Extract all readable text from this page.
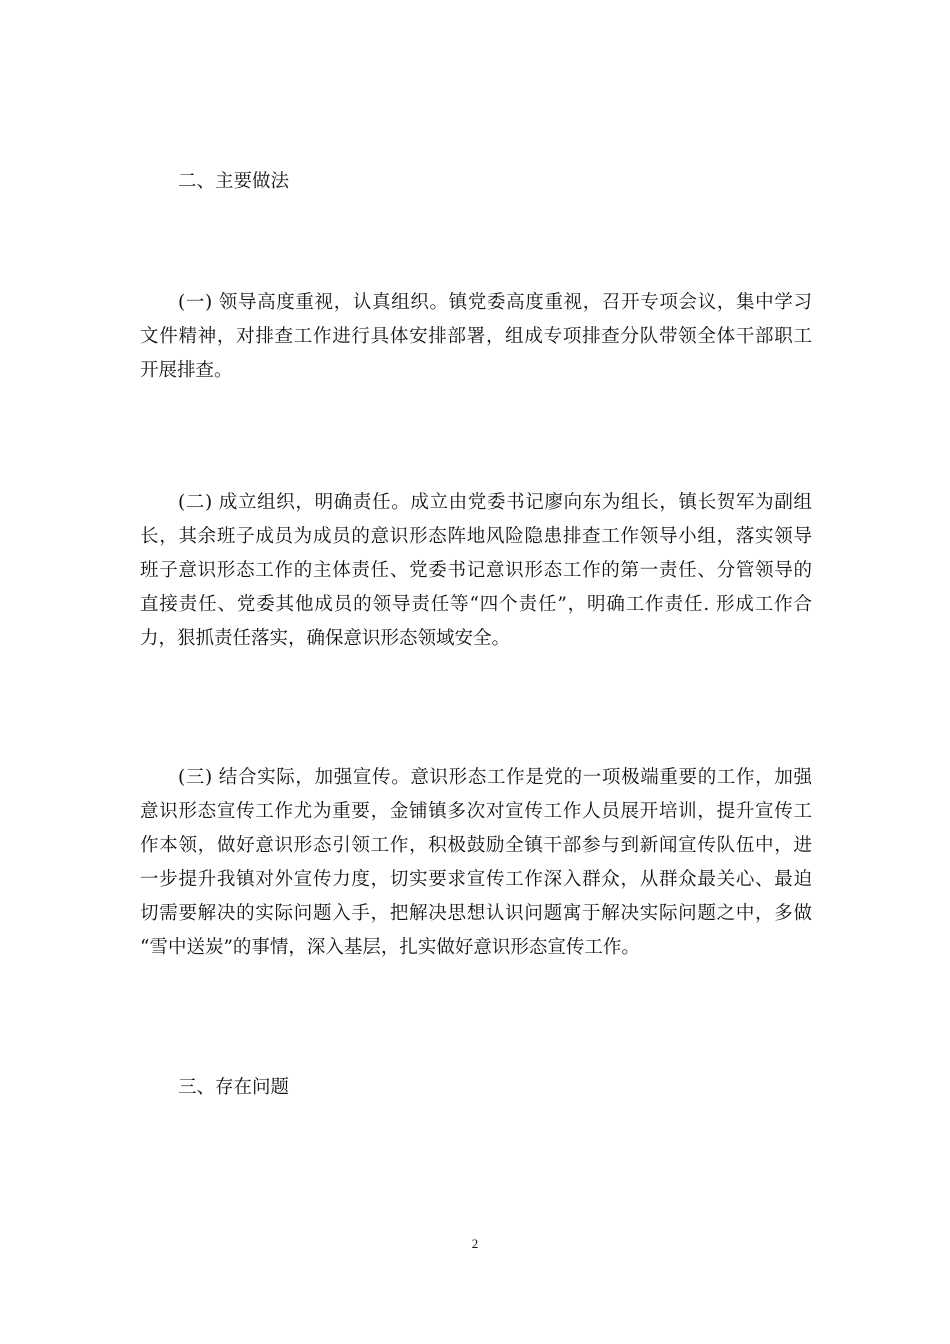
二、主要做法
(一) 领导高度重视，认真组织。镇党委高度重视，召开专项会议，集中学习
文件精神，对排查工作进行具体安排部署，组成专项排查分队带领全体干部职工
开展排查。
(二) 成立组织，明确责任。成立由党委书记廖向东为组长，镇长贺军为副组
长，其余班子成员为成员的意识形态阵地风险隐患排查工作领导小组，落实领导
班子意识形态工作的主体责任、党委书记意识形态工作的第一责任、分管领导的
直接责任、党委其他成员的领导责任等“四个责任”，明确工作责任. 形成工作合
力，狠抓责任落实，确保意识形态领域安全。
(三) 结合实际，加强宣传。意识形态工作是党的一项极端重要的工作，加强
意识形态宣传工作尤为重要，金铺镇多次对宣传工作人员展开培训，提升宣传工
作本领，做好意识形态引领工作，积极鼓励全镇干部参与到新闻宣传队伍中，进
一步提升我镇对外宣传力度，切实要求宣传工作深入群众，从群众最关心、最迫
切需要解决的实际问题入手，把解决思想认识问题寓于解决实际问题之中，多做
“雪中送炭”的事情，深入基层，扎实做好意识形态宣传工作。
三、存在问题
2
